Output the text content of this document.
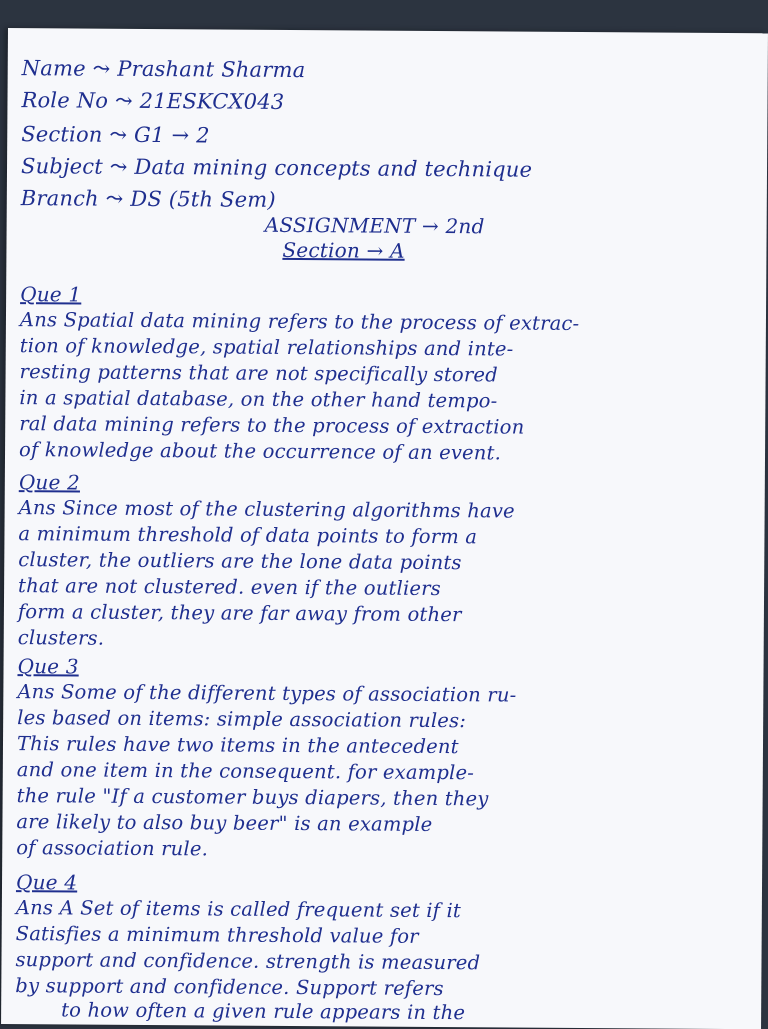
Name ⤳ Prashant Sharma
Role No ⤳ 21ESKCX043
Section ⤳ G1 → 2
Subject ⤳ Data mining concepts and technique
Branch ⤳ DS (5th Sem)
ASSIGNMENT → 2nd
Section → A
Que 1
Ans Spatial data mining refers to the process of extrac-
tion of knowledge, spatial relationships and inte-
resting patterns that are not specifically stored
in a spatial database, on the other hand tempo-
ral data mining refers to the process of extraction
of knowledge about the occurrence of an event.
Que 2
Ans Since most of the clustering algorithms have
a minimum threshold of data points to form a
cluster, the outliers are the lone data points
that are not clustered. even if the outliers
form a cluster, they are far away from other
clusters.
Que 3
Ans Some of the different types of association ru-
les based on items: simple association rules:
This rules have two items in the antecedent
and one item in the consequent. for example-
the rule "If a customer buys diapers, then they
are likely to also buy beer" is an example
of association rule.
Que 4
Ans A Set of items is called frequent set if it
Satisfies a minimum threshold value for
support and confidence. strength is measured
by support and confidence. Support refers
to how often a given rule appears in the
